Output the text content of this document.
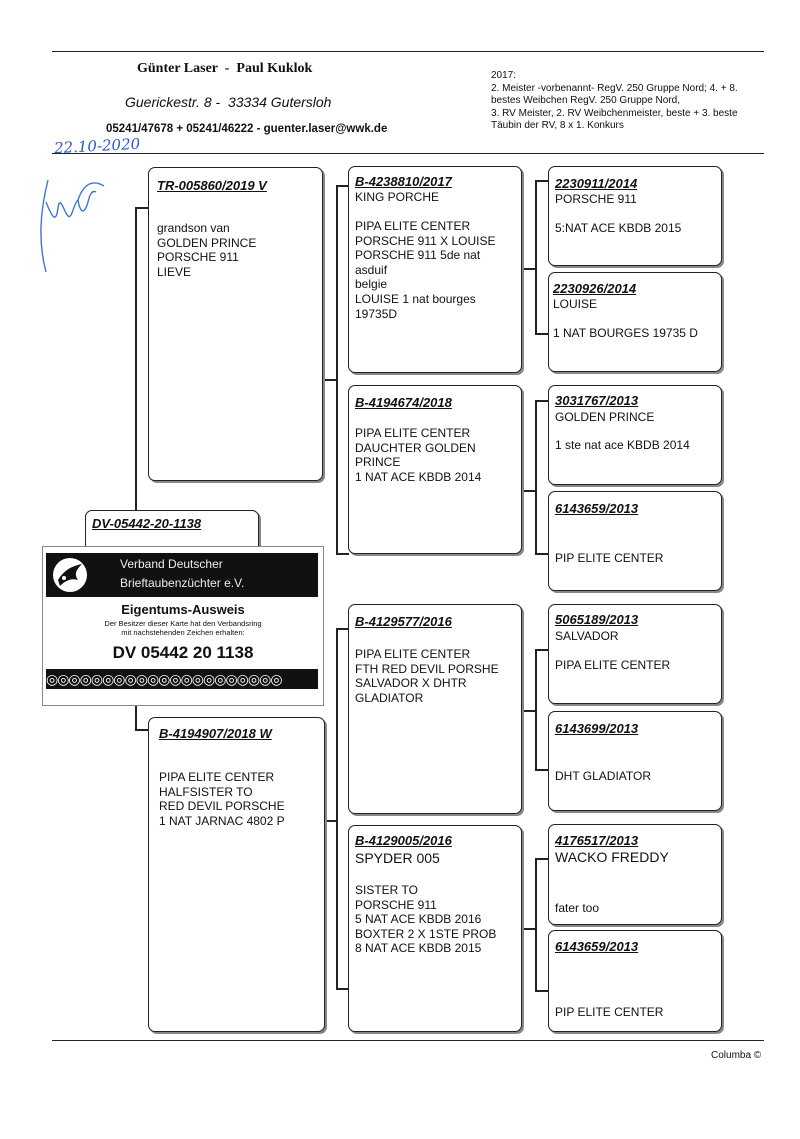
Günter Laser  -  Paul Kuklok
Guerickestr. 8 -  33334 Gutersloh
05241/47678 + 05241/46222 - guenter.laser@wwk.de
22.10-2020
2017:
2. Meister -vorbenannt- RegV. 250 Gruppe Nord; 4. + 8.
bestes Weibchen RegV. 250 Gruppe Nord,
3. RV Meister, 2. RV Weibchenmeister, beste + 3. beste
Täubin der RV, 8 x 1. Konkurs
DV-05442-20-1138
TR-005860/2019 V
grandson van
GOLDEN PRINCE
PORSCHE 911
LIEVE
B-4194907/2018 W
PIPA ELITE CENTER
HALFSISTER TO
RED DEVIL PORSCHE
1 NAT JARNAC 4802 P
B-4238810/2017
KING PORCHE
PIPA ELITE CENTER
PORSCHE 911 X LOUISE
PORSCHE 911 5de nat
asduif
belgie
LOUISE 1 nat bourges
19735D
B-4194674/2018
PIPA ELITE CENTER
DAUCHTER GOLDEN
PRINCE
1 NAT ACE KBDB 2014
B-4129577/2016
PIPA ELITE CENTER
FTH RED DEVIL PORSHE
SALVADOR X DHTR
GLADIATOR
B-4129005/2016
SPYDER 005
SISTER TO
PORSCHE 911
5 NAT ACE KBDB 2016
BOXTER 2 X 1STE PROB
8 NAT ACE KBDB 2015
2230911/2014
PORSCHE 911
5:NAT ACE KBDB 2015
2230926/2014
LOUISE
1 NAT BOURGES 19735 D
3031767/2013
GOLDEN PRINCE
1 ste nat ace KBDB 2014
6143659/2013
PIP ELITE CENTER
5065189/2013
SALVADOR
PIPA ELITE CENTER
6143699/2013
DHT GLADIATOR
4176517/2013
WACKO FREDDY
fater too
6143659/2013
PIP ELITE CENTER
Verband Deutscher
Brieftaubenzüchter e.V.
Eigentums-Ausweis
Der Besitzer dieser Karte hat den Verbandsring
mit nachstehenden Zeichen erhalten:
DV 05442 20 1138
◎◎◎◎◎◎◎◎◎◎◎◎◎◎◎◎◎◎◎◎◎
Columba ©
